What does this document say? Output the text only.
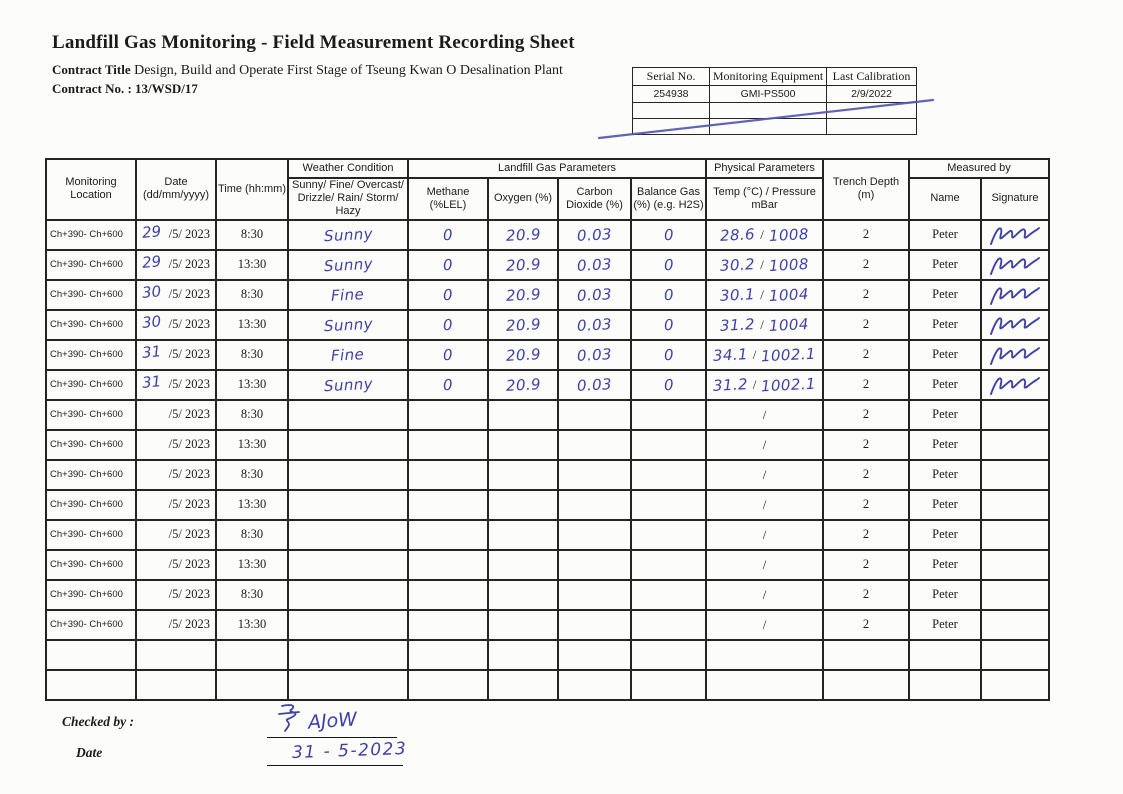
Landfill Gas Monitoring - Field Measurement Recording Sheet
Contract Title Design, Build and Operate First Stage of Tseung Kwan O Desalination Plant
Contract No. : 13/WSD/17
Serial No.	Monitoring Equipment	Last Calibration
254938	GMI-PS500	2/9/2022

Monitoring Location	Date (dd/mm/yyyy)	Time (hh:mm)	Weather Condition	Landfill Gas Parameters				Physical Parameters	Trench Depth (m)	Measured by	
			Sunny/ Fine/ Overcast/ Drizzle/ Rain/ Storm/ Hazy	Methane (%LEL)	Oxygen (%)	Carbon Dioxide (%)	Balance Gas (%) (e.g. H2S)	Temp (°C) / Pressure mBar		Name	Signature
Ch+390- Ch+600	29 /5/ 2023	8:30	Sunny	0	20.9	0.03	0	28.6 / 1008	2	Peter	

Ch+390- Ch+600	29 /5/ 2023	13:30	Sunny	0	20.9	0.03	0	30.2 / 1008	2	Peter	

Ch+390- Ch+600	30 /5/ 2023	8:30	Fine	0	20.9	0.03	0	30.1 / 1004	2	Peter	

Ch+390- Ch+600	30 /5/ 2023	13:30	Sunny	0	20.9	0.03	0	31.2 / 1004	2	Peter	

Ch+390- Ch+600	31 /5/ 2023	8:30	Fine	0	20.9	0.03	0	34.1 / 1002.1	2	Peter	

Ch+390- Ch+600	31 /5/ 2023	13:30	Sunny	0	20.9	0.03	0	31.2 / 1002.1	2	Peter	

Ch+390- Ch+600	/5/ 2023	8:30						/	2	Peter	
Ch+390- Ch+600	/5/ 2023	13:30						/	2	Peter	
Ch+390- Ch+600	/5/ 2023	8:30						/	2	Peter	
Ch+390- Ch+600	/5/ 2023	13:30						/	2	Peter	
Ch+390- Ch+600	/5/ 2023	8:30						/	2	Peter	
Ch+390- Ch+600	/5/ 2023	13:30						/	2	Peter	
Ch+390- Ch+600	/5/ 2023	8:30						/	2	Peter	
Ch+390- Ch+600	/5/ 2023	13:30						/	2	Peter	

Checked by :	AJoW
Date	31 - 5-2023
